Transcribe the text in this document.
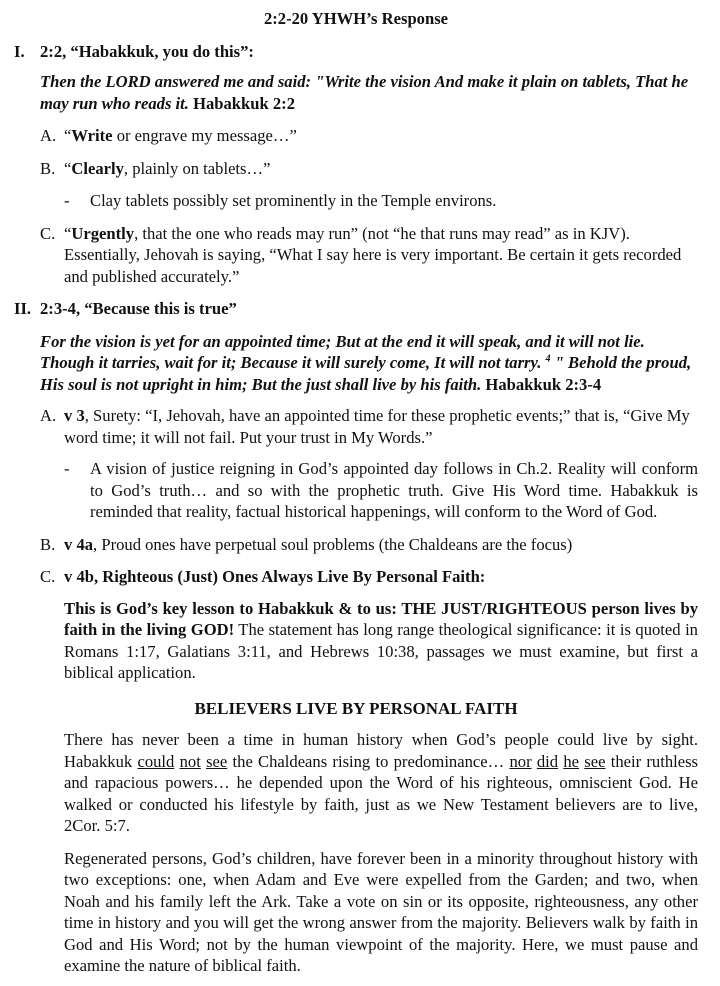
2:2-20 YHWH’s Response

I. 2:2, “Habakkuk, you do this”:

Then the LORD answered me and said: "Write the vision And make it plain on tablets, That he may run who reads it. Habakkuk 2:2

A. “Write or engrave my message…”
B. “Clearly, plainly on tablets…”
-	Clay tablets possibly set prominently in the Temple environs.
C. “Urgently, that the one who reads may run” (not “he that runs may read” as in KJV). Essentially, Jehovah is saying, “What I say here is very important. Be certain it gets recorded and published accurately.”
II. 2:3-4, “Because this is true”

For the vision is yet for an appointed time; But at the end it will speak, and it will not lie. Though it tarries, wait for it; Because it will surely come, It will not tarry. $^4$ " Behold the proud, His soul is not upright in him; But the just shall live by his faith. Habakkuk 2:3-4

A. v 3, Surety: “I, Jehovah, have an appointed time for these prophetic events;” that is, “Give My word time; it will not fail. Put your trust in My Words.”
-	A vision of justice reigning in God’s appointed day follows in Ch.2. Reality will conform to God’s truth… and so with the prophetic truth. Give His Word time. Habakkuk is reminded that reality, factual historical happenings, will conform to the Word of God.
B. v 4a, Proud ones have perpetual soul problems (the Chaldeans are the focus)
C. v 4b, Righteous (Just) Ones Always Live By Personal Faith:

This is God’s key lesson to Habakkuk & to us: THE JUST/RIGHTEOUS person lives by faith in the living GOD! The statement has long range theological significance: it is quoted in Romans 1:17, Galatians 3:11, and Hebrews 10:38, passages we must examine, but first a biblical application.

BELIEVERS LIVE BY PERSONAL FAITH

There has never been a time in human history when God’s people could live by sight. Habakkuk could not see the Chaldeans rising to predominance… nor did he see their ruthless and rapacious powers… he depended upon the Word of his righteous, omniscient God. He walked or conducted his lifestyle by faith, just as we New Testament believers are to live, 2Cor. 5:7.

Regenerated persons, God’s children, have forever been in a minority throughout history with two exceptions: one, when Adam and Eve were expelled from the Garden; and two, when Noah and his family left the Ark. Take a vote on sin or its opposite, righteousness, any other time in history and you will get the wrong answer from the majority. Believers walk by faith in God and His Word; not by the human viewpoint of the majority. Here, we must pause and examine the nature of biblical faith.
